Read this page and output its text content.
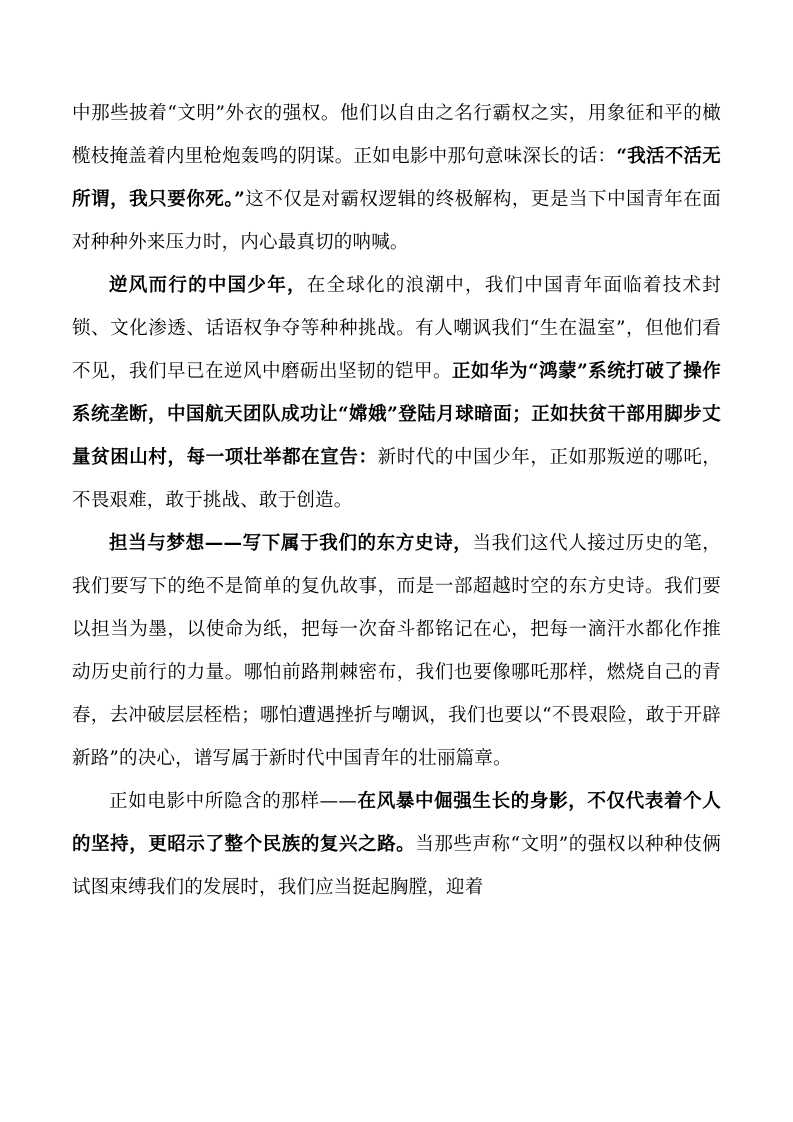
中那些披着“文明”外衣的强权。他们以自由之名行霸权之实，用象征和平的橄榄枝掩盖着内里枪炮轰鸣的阴谋。正如电影中那句意味深长的话：“我活不活无所谓，我只要你死。”这不仅是对霸权逻辑的终极解构，更是当下中国青年在面对种种外来压力时，内心最真切的呐喊。

逆风而行的中国少年，在全球化的浪潮中，我们中国青年面临着技术封锁、文化渗透、话语权争夺等种种挑战。有人嘲讽我们“生在温室”，但他们看不见，我们早已在逆风中磨砺出坚韧的铠甲。正如华为“鸿蒙”系统打破了操作系统垄断，中国航天团队成功让“嫦娥”登陆月球暗面；正如扶贫干部用脚步丈量贫困山村，每一项壮举都在宣告：新时代的中国少年，正如那叛逆的哪吒，不畏艰难，敢于挑战、敢于创造。

担当与梦想——写下属于我们的东方史诗，当我们这代人接过历史的笔，我们要写下的绝不是简单的复仇故事，而是一部超越时空的东方史诗。我们要以担当为墨，以使命为纸，把每一次奋斗都铭记在心，把每一滴汗水都化作推动历史前行的力量。哪怕前路荆棘密布，我们也要像哪吒那样，燃烧自己的青春，去冲破层层桎梏；哪怕遭遇挫折与嘲讽，我们也要以“不畏艰险，敢于开辟新路”的决心，谱写属于新时代中国青年的壮丽篇章。

正如电影中所隐含的那样——在风暴中倔强生长的身影，不仅代表着个人的坚持，更昭示了整个民族的复兴之路。当那些声称“文明”的强权以种种伎俩试图束缚我们的发展时，我们应当挺起胸膛，迎着
